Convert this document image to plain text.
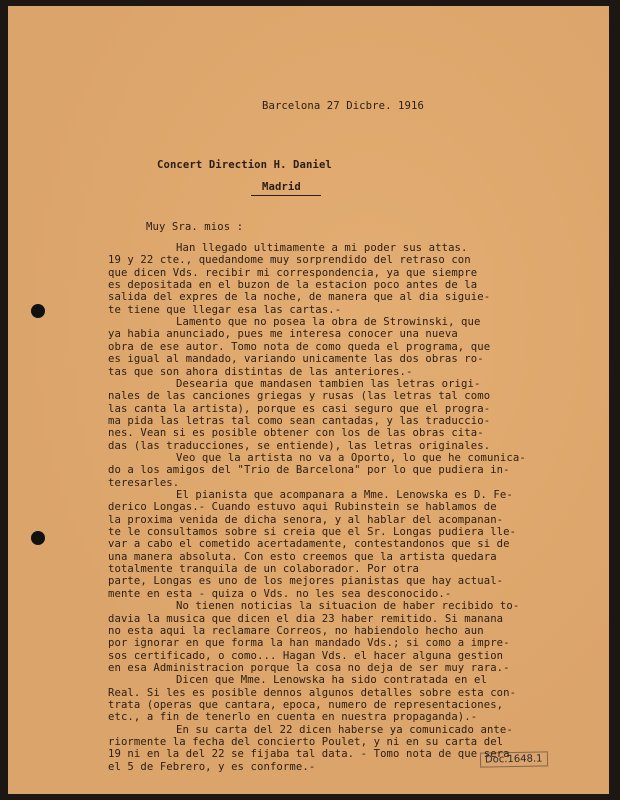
Barcelona 27 Dicbre. 1916
Concert Direction H. Daniel
Madrid
Muy Sra. mios :
Han llegado ultimamente a mi poder sus attas.
19 y 22 cte., quedandome muy sorprendido del retraso con
que dicen Vds. recibir mi correspondencia, ya que siempre
es depositada en el buzon de la estacion poco antes de la
salida del expres de la noche, de manera que al dia siguie-
te tiene que llegar esa las cartas.-
Lamento que no posea la obra de Strowinski, que
ya habia anunciado, pues me interesa conocer una nueva
obra de ese autor. Tomo nota de como queda el programa, que
es igual al mandado, variando unicamente las dos obras ro-
tas que son ahora distintas de las anteriores.-
Desearia que mandasen tambien las letras origi-
nales de las canciones griegas y rusas (las letras tal como
las canta la artista), porque es casi seguro que el progra-
ma pida las letras tal como sean cantadas, y las traduccio-
nes. Vean si es posible obtener con los de las obras cita-
das (las traducciones, se entiende), las letras originales.
Veo que la artista no va a Oporto, lo que he comunica-
do a los amigos del "Trio de Barcelona" por lo que pudiera in-
teresarles.
El pianista que acompanara a Mme. Lenowska es D. Fe-
derico Longas.- Cuando estuvo aqui Rubinstein se hablamos de
la proxima venida de dicha senora, y al hablar del acompanan-
te le consultamos sobre si creia que el Sr. Longas pudiera lle-
var a cabo el cometido acertadamente, contestandonos que si de
una manera absoluta. Con esto creemos que la artista quedara
totalmente tranquila de un colaborador. Por otra
parte, Longas es uno de los mejores pianistas que hay actual-
mente en esta - quiza o Vds. no les sea desconocido.-
No tienen noticias la situacion de haber recibido to-
davia la musica que dicen el dia 23 haber remitido. Si manana
no esta aqui la reclamare Correos, no habiendolo hecho aun
por ignorar en que forma la han mandado Vds.; si como a impre-
sos certificado, o como... Hagan Vds. el hacer alguna gestion
en esa Administracion porque la cosa no deja de ser muy rara.-
Dicen que Mme. Lenowska ha sido contratada en el
Real. Si les es posible dennos algunos detalles sobre esta con-
trata (operas que cantara, epoca, numero de representaciones,
etc., a fin de tenerlo en cuenta en nuestra propaganda).-
En su carta del 22 dicen haberse ya comunicado ante-
riormente la fecha del concierto Poulet, y ni en su carta del
19 ni en la del 22 se fijaba tal data. - Tomo nota de que sera
el 5 de Febrero, y es conforme.-
Doc.1648.1
